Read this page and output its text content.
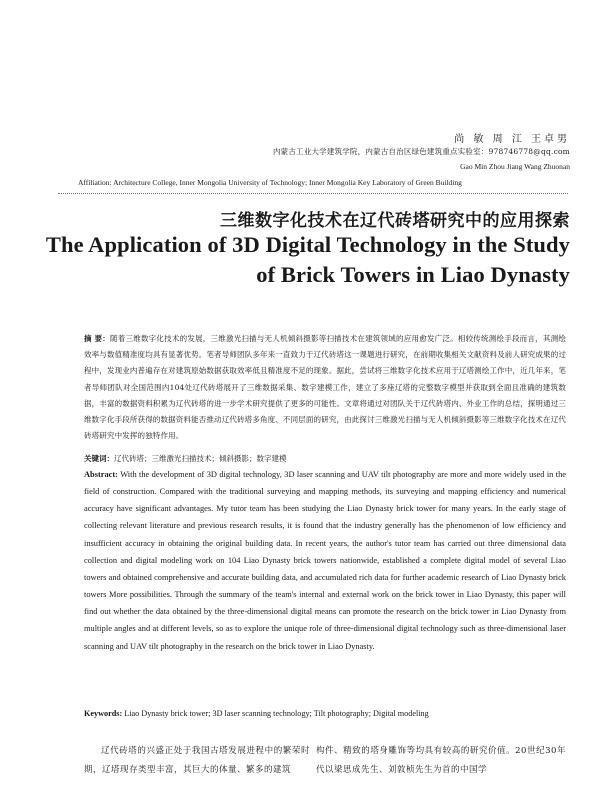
尚 敏 周 江 王卓男
内蒙古工业大学建筑学院，内蒙古自治区绿色建筑重点实验室：978746778@qq.com
Gao Min Zhou Jiang Wang Zhuonan
Affiliation: Architecture College, Inner Mongolia University of Technology; Inner Mongolia Key Laboratory of Green Building
三维数字化技术在辽代砖塔研究中的应用探索
The Application of 3D Digital Technology in the Study
of Brick Towers in Liao Dynasty
摘 要：随着三维数字化技术的发展，三维激光扫描与无人机倾斜摄影等扫描技术在建筑领域的应用愈发广泛。相较传统测绘手段而言，其测绘效率与数值精准度均具有显著优势。笔者导师团队多年来一直致力于辽代砖塔这一课题进行研究，在前期收集相关文献资料及前人研究成果的过程中，发现业内普遍存在对建筑原始数据获取效率低且精准度不足的现象。据此，尝试将三维数字化技术应用于辽塔测绘工作中，近几年来，笔者导师团队对全国范围内104处辽代砖塔展开了三维数据采集、数字建模工作，建立了多座辽塔的完整数字模型并获取到全面且准确的建筑数据，丰富的数据资料积累为辽代砖塔的进一步学术研究提供了更多的可能性。文章将通过对团队关于辽代砖塔内、外业工作的总结，探明通过三维数字化手段所获得的数据资料能否推动辽代砖塔多角度、不同层面的研究，由此探讨三维激光扫描与无人机倾斜摄影等三维数字化技术在辽代砖塔研究中发挥的独特作用。
关键词：辽代砖塔；三维激光扫描技术；倾斜摄影；数字建模
Abstract: With the development of 3D digital technology, 3D laser scanning and UAV tilt photography are more and more widely used in the field of construction. Compared with the traditional surveying and mapping methods, its surveying and mapping efficiency and numerical accuracy have significant advantages. My tutor team has been studying the Liao Dynasty brick tower for many years. In the early stage of collecting relevant literature and previous research results, it is found that the industry generally has the phenomenon of low efficiency and insufficient accuracy in obtaining the original building data. In recent years, the author's tutor team has carried out three dimensional data collection and digital modeling work on 104 Liao Dynasty brick towers nationwide, established a complete digital model of several Liao towers and obtained comprehensive and accurate building data, and accumulated rich data for further academic research of Liao Dynasty brick towers More possibilities. Through the summary of the team's internal and external work on the brick tower in Liao Dynasty, this paper will find out whether the data obtained by the three-dimensional digital means can promote the research on the brick tower in Liao Dynasty from multiple angles and at different levels, so as to explore the unique role of three-dimensional digital technology such as three-dimensional laser scanning and UAV tilt photography in the research on the brick tower in Liao Dynasty.
Keywords: Liao Dynasty brick tower; 3D laser scanning technology; Tilt photography; Digital modeling
辽代砖塔的兴盛正处于我国古塔发展进程中的繁荣时期，辽塔现存类型丰富，其巨大的体量、繁多的建筑
构件、精致的塔身雕饰等均具有较高的研究价值。20世纪30年代以梁思成先生、刘敦桢先生为首的中国学
